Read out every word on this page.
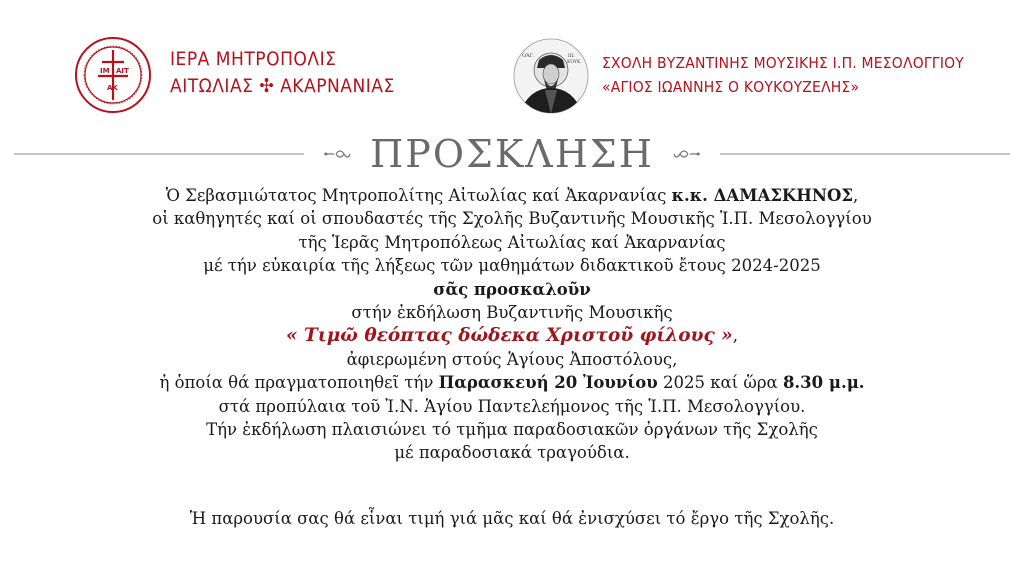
ΙΜ ΑΙΤ
ΑΚ
ΙΕΡΑ ΜΗΤΡΟΠΟΛΙΣ
ΑΙΤΩΛΙΑΣ ✣ ΑΚΑΡΝΑΝΙΑΣ
ΟἉΓ.	ΙΩ.
ΚΟΥΚ. ΣΧΟΛΗ ΒΥΖΑΝΤΙΝΗΣ ΜΟΥΣΙΚΗΣ Ι.Π. ΜΕΣΟΛΟΓΓΙΟΥ
«ΑΓΙΟΣ ΙΩΑΝΝΗΣ Ο ΚΟΥΚΟΥΖΕΛΗΣ»
ΠΡΟΣΚΛΗΣΗ
Ὁ Σεβασμιώτατος Μητροπολίτης Αἰτωλίας καί Ἀκαρνανίας κ.κ. ΔΑΜΑΣΚΗΝΟΣ,
οἱ καθηγητές καί οἱ σπουδαστές τῆς Σχολῆς Βυζαντινῆς Μουσικῆς Ἱ.Π. Μεσολογγίου
τῆς Ἱερᾶς Μητροπόλεως Αἰτωλίας καί Ἀκαρνανίας
μέ τήν εὐκαιρία τῆς λήξεως τῶν μαθημάτων διδακτικοῦ ἔτους 2024-2025
σᾶς προσκαλοῦν
στήν ἐκδήλωση Βυζαντινῆς Μουσικῆς
« Τιμῶ θεόπτας δώδεκα Χριστοῦ φίλους »,
ἀφιερωμένη στούς Ἁγίους Ἀποστόλους,
ἡ ὁποία θά πραγματοποιηθεῖ τήν Παρασκευή 20 Ἰουνίου 2025 καί ὥρα 8.30 μ.μ.
στά προπύλαια τοῦ Ἱ.Ν. Ἁγίου Παντελεήμονος τῆς Ἱ.Π. Μεσολογγίου.
Τήν ἐκδήλωση πλαισιώνει τό τμῆμα παραδοσιακῶν ὀργάνων τῆς Σχολῆς
μέ παραδοσιακά τραγούδια.
Ἡ παρουσία σας θά εἶναι τιμή γιά μᾶς καί θά ἐνισχύσει τό ἔργο τῆς Σχολῆς.
